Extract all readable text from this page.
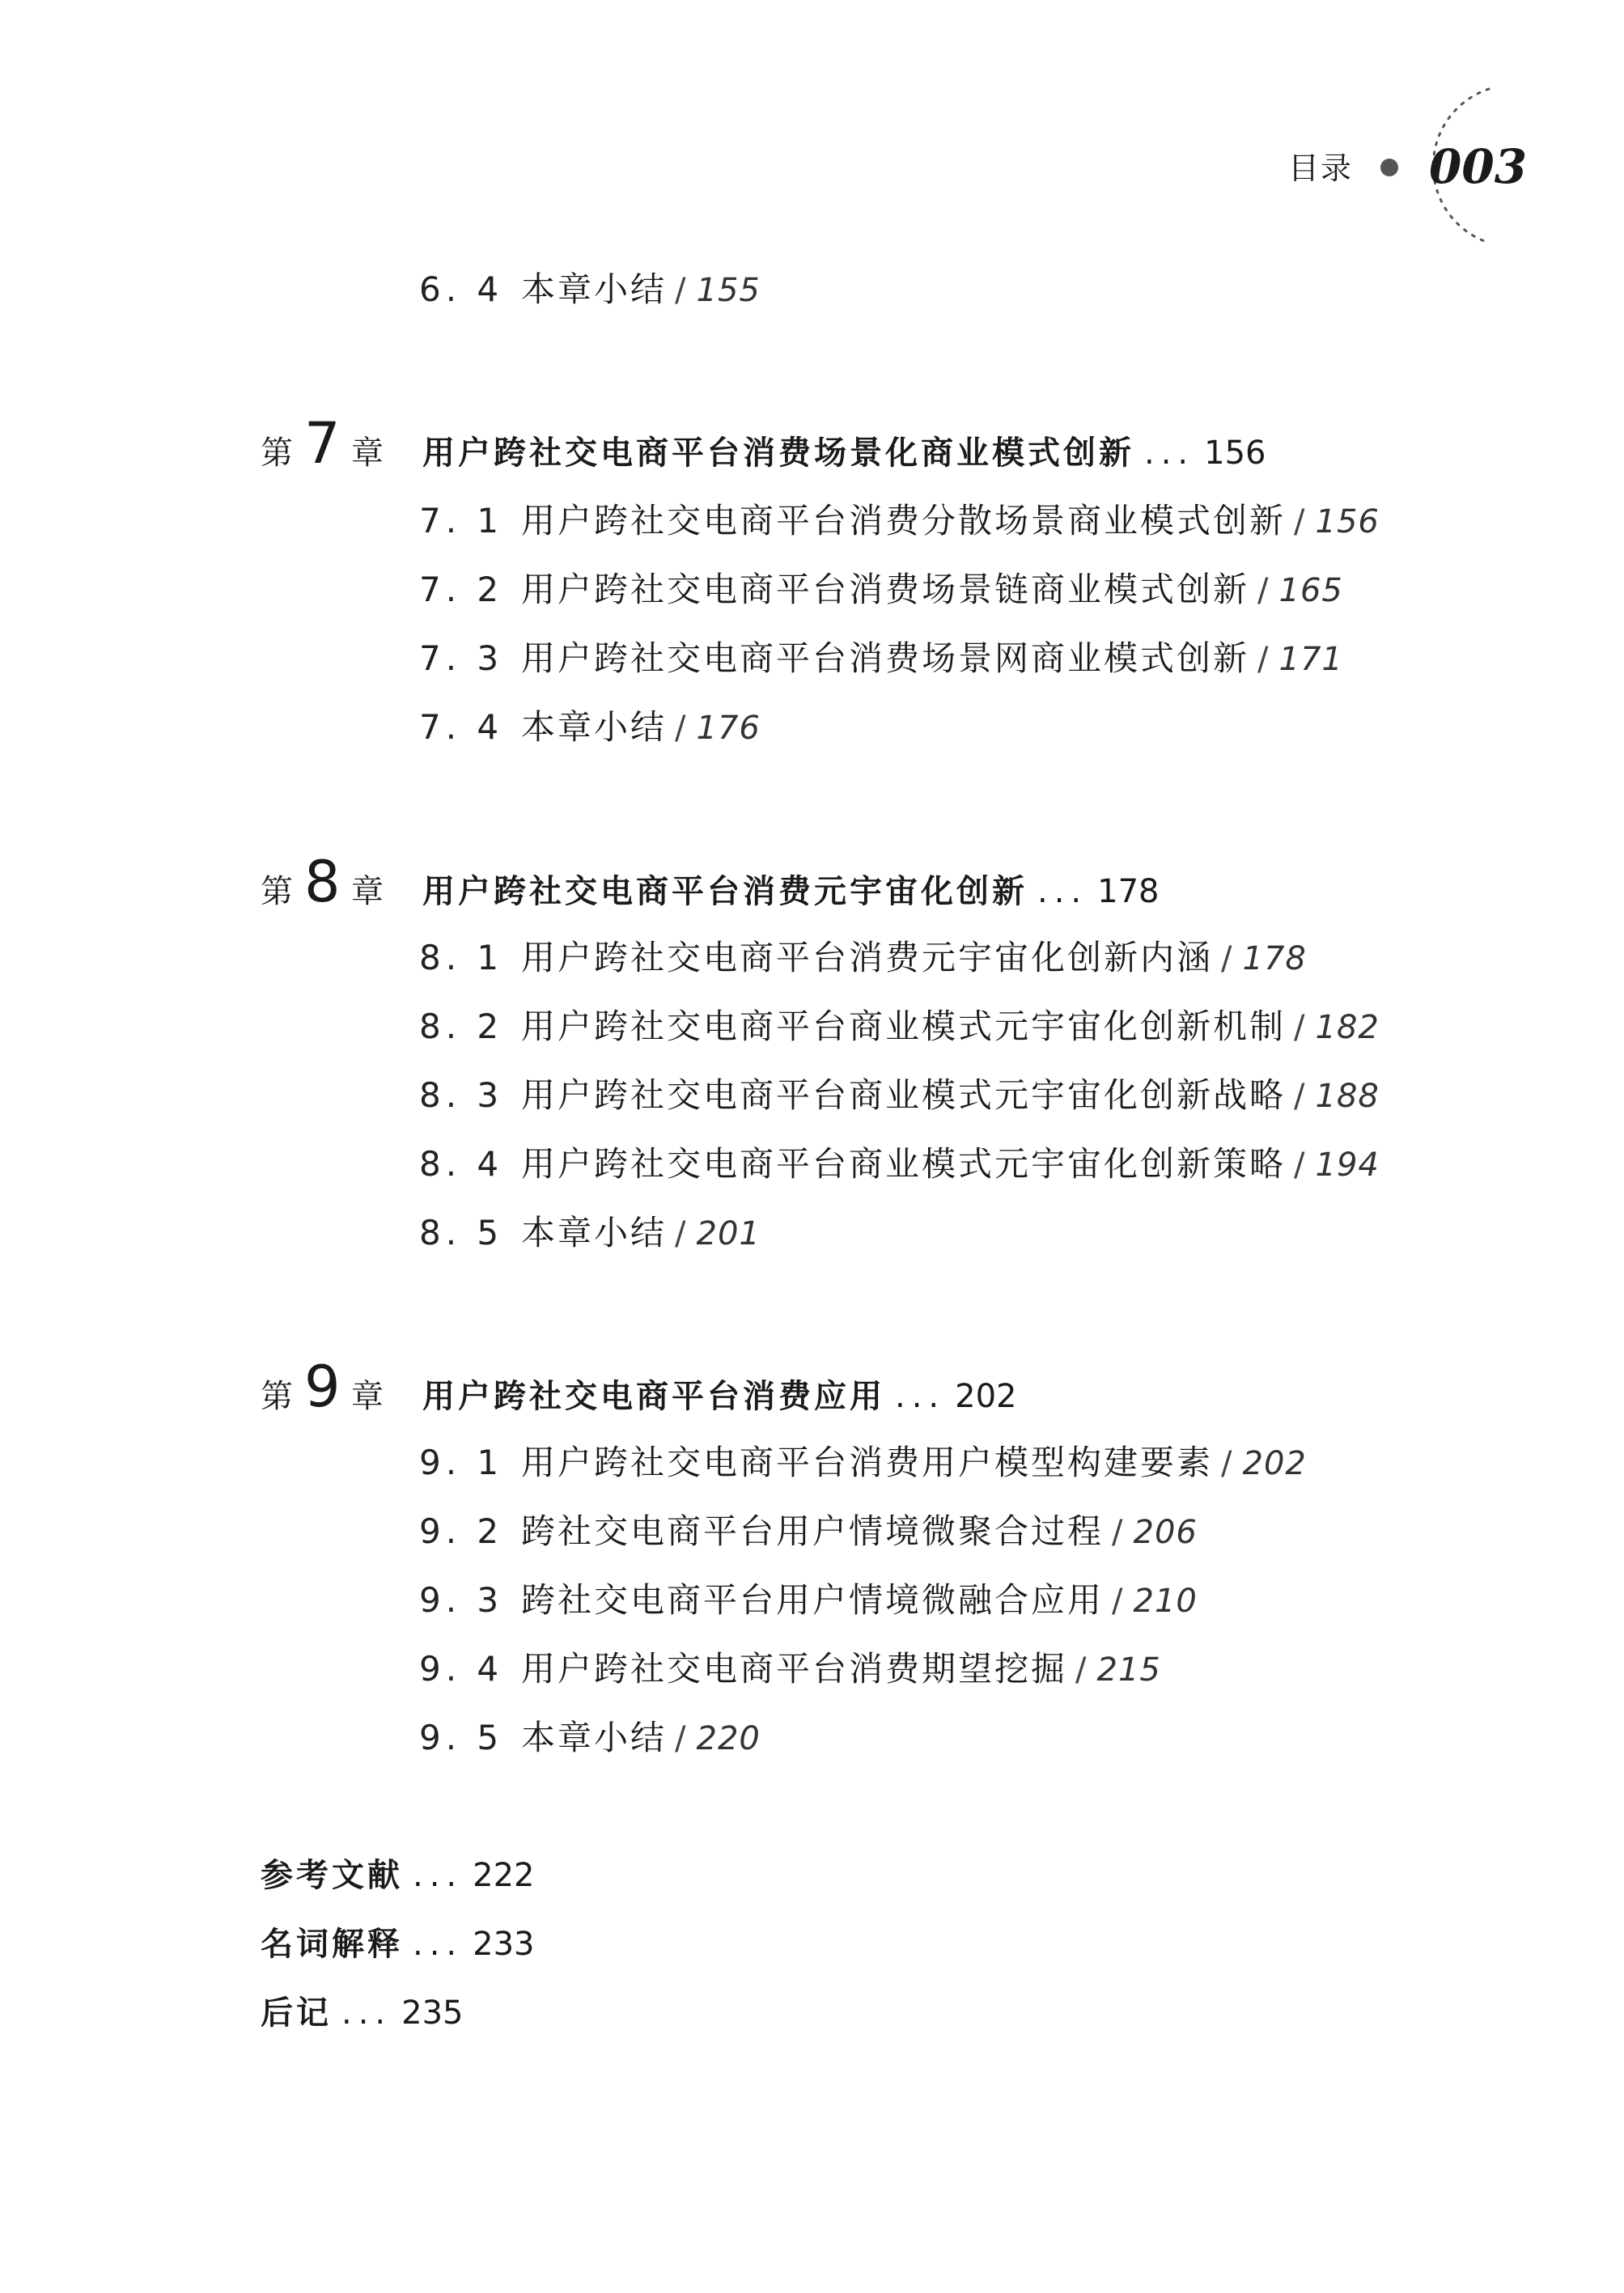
目录 003
6. 4 本章小结 / 155
第 7 章 用户跨社交电商平台消费场景化商业模式创新 ... 156
7. 1 用户跨社交电商平台消费分散场景商业模式创新 / 156
7. 2 用户跨社交电商平台消费场景链商业模式创新 / 165
7. 3 用户跨社交电商平台消费场景网商业模式创新 / 171
7. 4 本章小结 / 176
第 8 章 用户跨社交电商平台消费元宇宙化创新 ... 178
8. 1 用户跨社交电商平台消费元宇宙化创新内涵 / 178
8. 2 用户跨社交电商平台商业模式元宇宙化创新机制 / 182
8. 3 用户跨社交电商平台商业模式元宇宙化创新战略 / 188
8. 4 用户跨社交电商平台商业模式元宇宙化创新策略 / 194
8. 5 本章小结 / 201
第 9 章 用户跨社交电商平台消费应用 ... 202
9. 1 用户跨社交电商平台消费用户模型构建要素 / 202
9. 2 跨社交电商平台用户情境微聚合过程 / 206
9. 3 跨社交电商平台用户情境微融合应用 / 210
9. 4 用户跨社交电商平台消费期望挖掘 / 215
9. 5 本章小结 / 220
参考文献 ... 222
名词解释 ... 233
后记 ... 235
